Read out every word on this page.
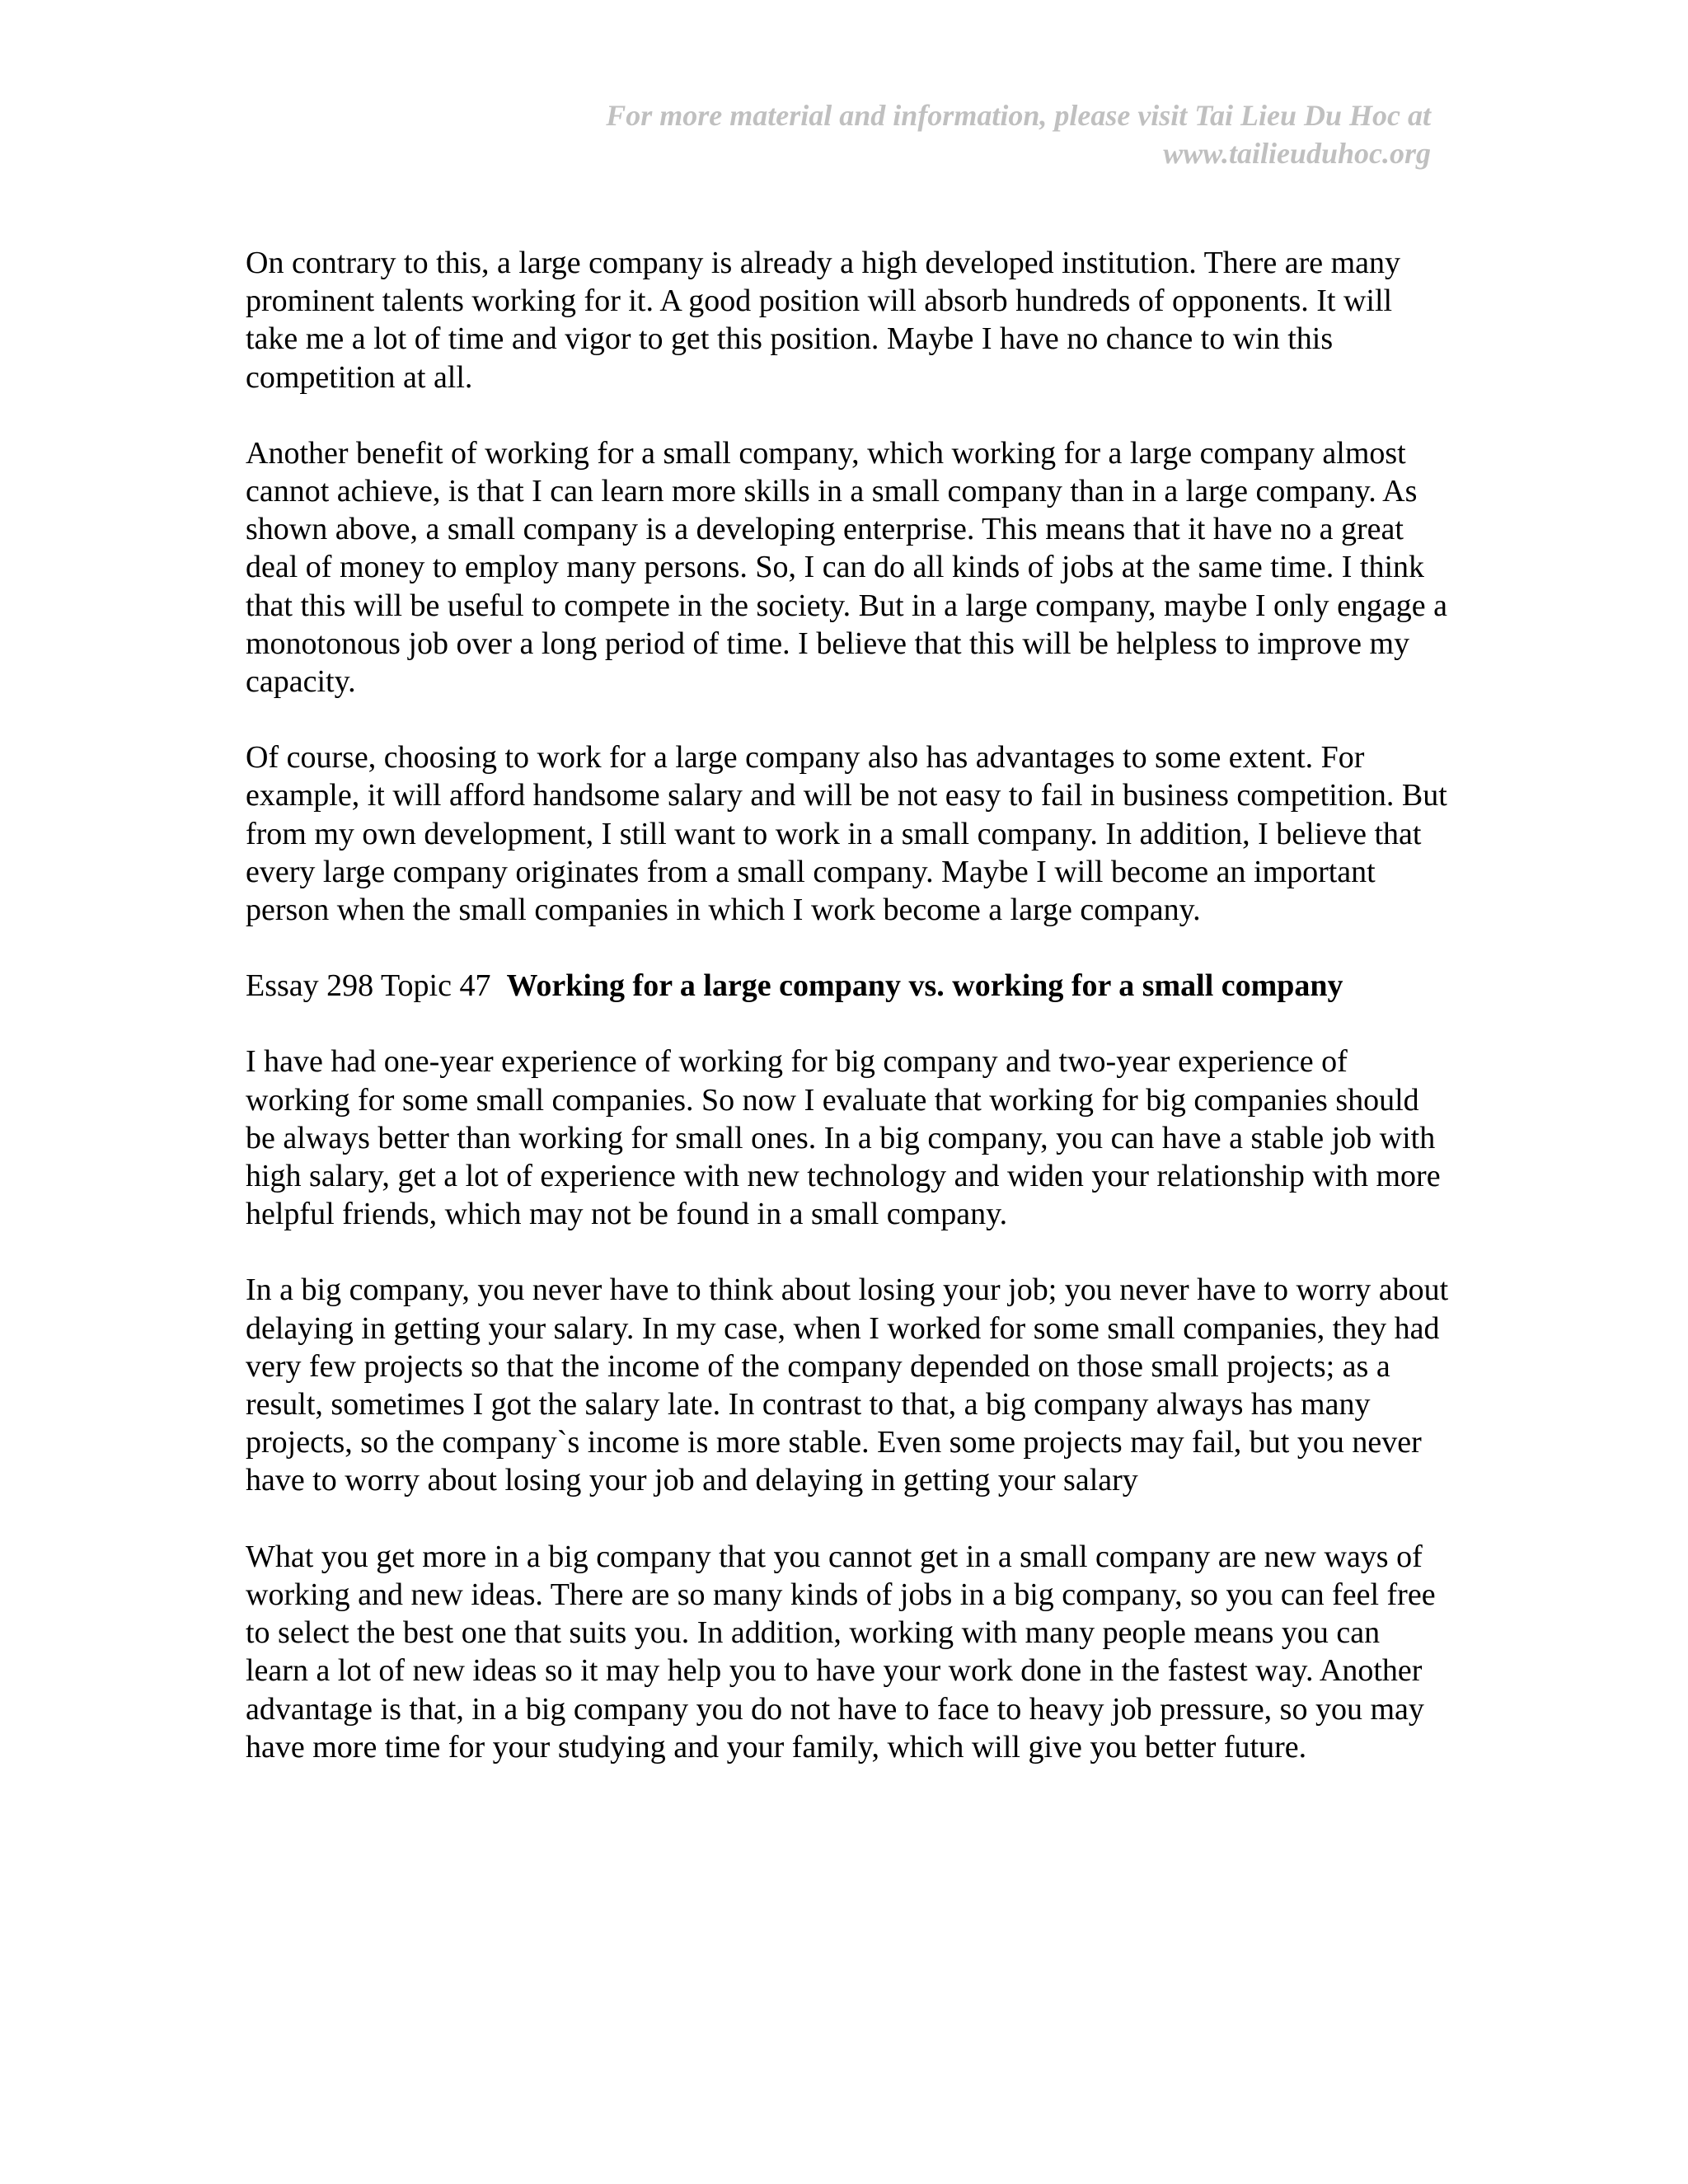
For more material and information, please visit Tai Lieu Du Hoc at
www.tailieuduhoc.org

On contrary to this, a large company is already a high developed institution. There are many prominent talents working for it. A good position will absorb hundreds of opponents. It will take me a lot of time and vigor to get this position. Maybe I have no chance to win this competition at all.

Another benefit of working for a small company, which working for a large company almost cannot achieve, is that I can learn more skills in a small company than in a large company. As shown above, a small company is a developing enterprise. This means that it have no a great deal of money to employ many persons. So, I can do all kinds of jobs at the same time. I think that this will be useful to compete in the society. But in a large company, maybe I only engage a monotonous job over a long period of time. I believe that this will be helpless to improve my capacity.

Of course, choosing to work for a large company also has advantages to some extent. For example, it will afford handsome salary and will be not easy to fail in business competition. But from my own development, I still want to work in a small company. In addition, I believe that every large company originates from a small company. Maybe I will become an important person when the small companies in which I work become a large company.

Essay 298 Topic 47 Working for a large company vs. working for a small company

I have had one-year experience of working for big company and two-year experience of working for some small companies. So now I evaluate that working for big companies should be always better than working for small ones. In a big company, you can have a stable job with high salary, get a lot of experience with new technology and widen your relationship with more helpful friends, which may not be found in a small company.

In a big company, you never have to think about losing your job; you never have to worry about delaying in getting your salary. In my case, when I worked for some small companies, they had very few projects so that the income of the company depended on those small projects; as a result, sometimes I got the salary late. In contrast to that, a big company always has many projects, so the company`s income is more stable. Even some projects may fail, but you never have to worry about losing your job and delaying in getting your salary

What you get more in a big company that you cannot get in a small company are new ways of working and new ideas. There are so many kinds of jobs in a big company, so you can feel free to select the best one that suits you. In addition, working with many people means you can learn a lot of new ideas so it may help you to have your work done in the fastest way. Another advantage is that, in a big company you do not have to face to heavy job pressure, so you may have more time for your studying and your family, which will give you better future.
